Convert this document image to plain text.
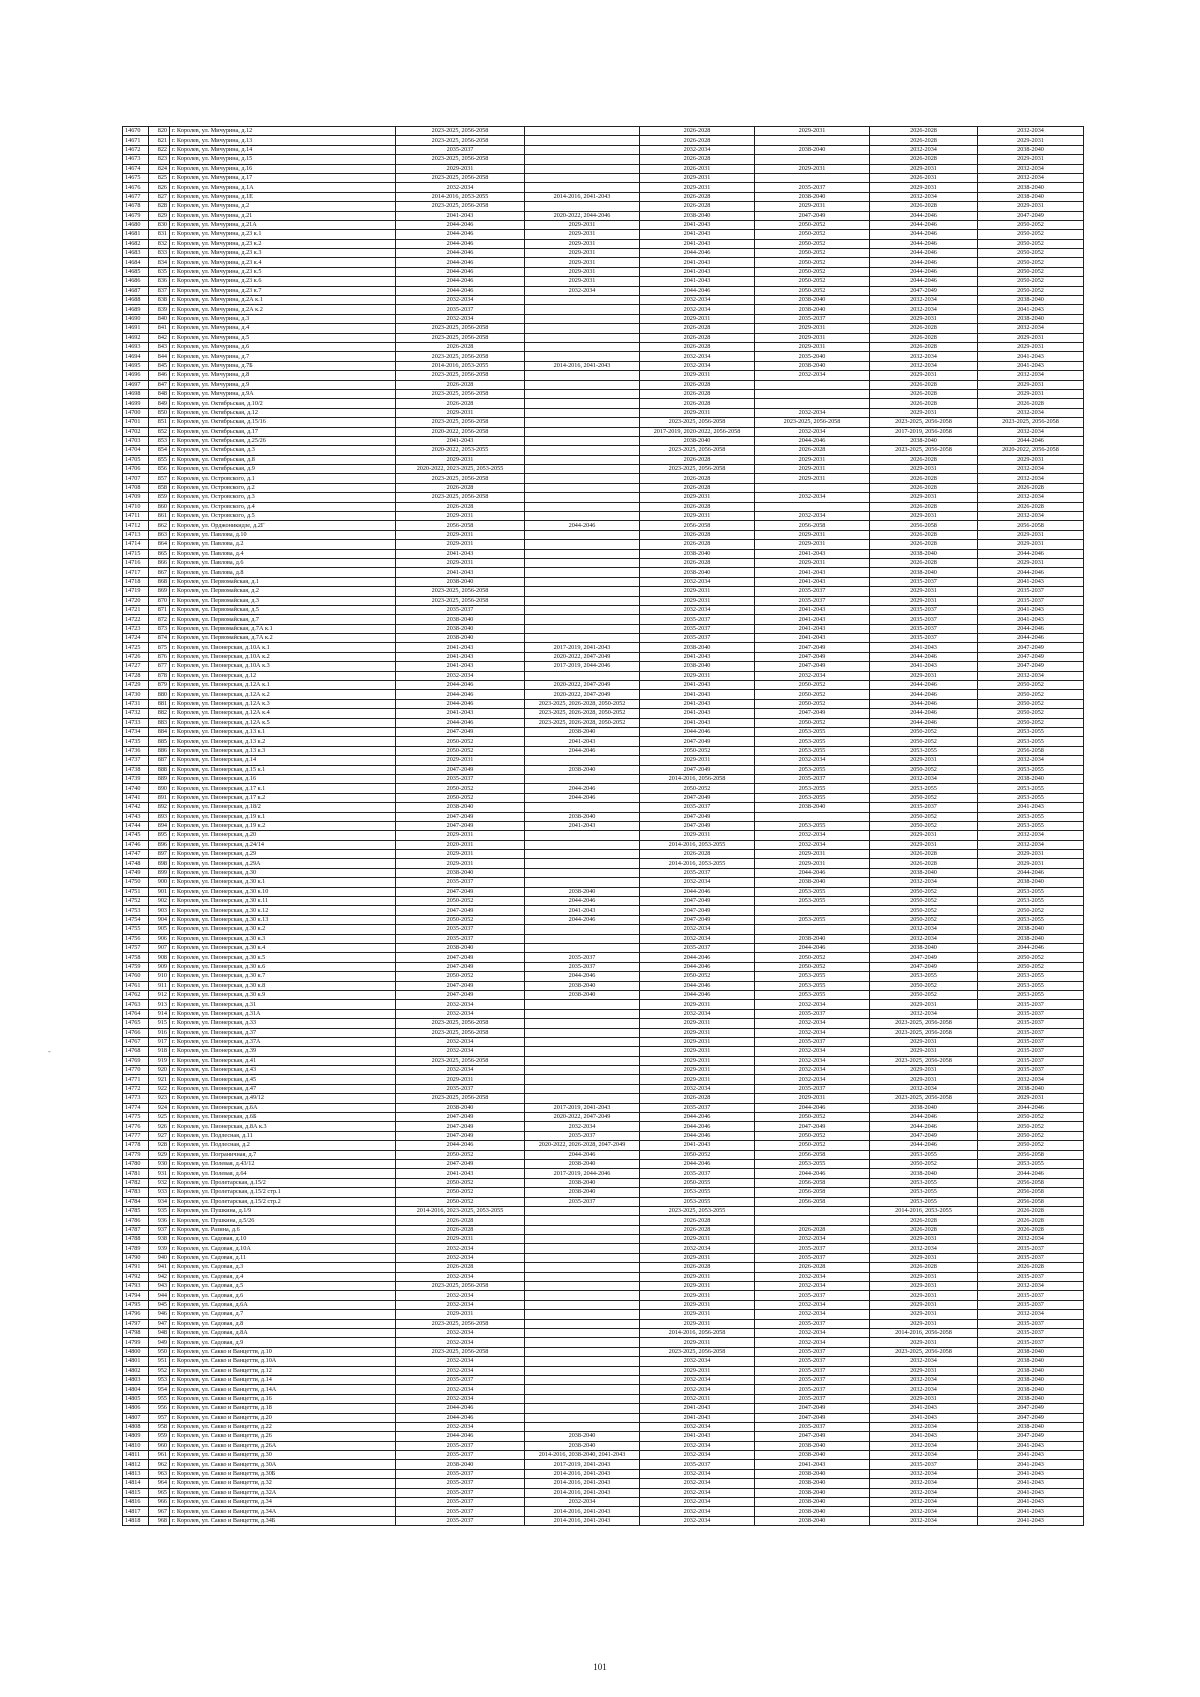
-
14670	820	г. Королев, ул. Мичурина, д.12	2023-2025, 2056-2058		2026-2028	2029-2031	2026-2028	2032-2034
14671	821	г. Королев, ул. Мичурина, д.13	2023-2025, 2056-2058		2026-2028		2026-2028	2029-2031
14672	822	г. Королев, ул. Мичурина, д.14	2035-2037		2032-2034	2038-2040	2032-2034	2038-2040
14673	823	г. Королев, ул. Мичурина, д.15	2023-2025, 2056-2058		2026-2028		2026-2028	2029-2031
14674	824	г. Королев, ул. Мичурина, д.16	2029-2031		2026-2031	2029-2031	2029-2031	2032-2034
14675	825	г. Королев, ул. Мичурина, д.17	2023-2025, 2056-2058		2029-2031		2026-2031	2032-2034
14676	826	г. Королев, ул. Мичурина, д.1А	2032-2034		2029-2031	2035-2037	2029-2031	2038-2040
14677	827	г. Королев, ул. Мичурина, д.1Е	2014-2016, 2053-2055	2014-2016, 2041-2043	2026-2028	2038-2040	2032-2034	2038-2040
14678	828	г. Королев, ул. Мичурина, д.2	2023-2025, 2056-2058		2026-2028	2029-2031	2026-2028	2029-2031
14679	829	г. Королев, ул. Мичурина, д.21	2041-2043	2020-2022, 2044-2046	2038-2040	2047-2049	2044-2046	2047-2049
14680	830	г. Королев, ул. Мичурина, д.21А	2044-2046	2029-2031	2041-2043	2050-2052	2044-2046	2050-2052
14681	831	г. Королев, ул. Мичурина, д.23 к.1	2044-2046	2029-2031	2041-2043	2050-2052	2044-2046	2050-2052
14682	832	г. Королев, ул. Мичурина, д.23 к.2	2044-2046	2029-2031	2041-2043	2050-2052	2044-2046	2050-2052
14683	833	г. Королев, ул. Мичурина, д.23 к.3	2044-2046	2029-2031	2044-2046	2050-2052	2044-2046	2050-2052
14684	834	г. Королев, ул. Мичурина, д.23 к.4	2044-2046	2029-2031	2041-2043	2050-2052	2044-2046	2050-2052
14685	835	г. Королев, ул. Мичурина, д.23 к.5	2044-2046	2029-2031	2041-2043	2050-2052	2044-2046	2050-2052
14686	836	г. Королев, ул. Мичурина, д.23 к.6	2044-2046	2029-2031	2041-2043	2050-2052	2044-2046	2050-2052
14687	837	г. Королев, ул. Мичурина, д.23 к.7	2044-2046	2032-2034	2044-2046	2050-2052	2047-2049	2050-2052
14688	838	г. Королев, ул. Мичурина, д.2А к.1	2032-2034		2032-2034	2038-2040	2032-2034	2038-2040
14689	839	г. Королев, ул. Мичурина, д.2А к.2	2035-2037		2032-2034	2038-2040	2032-2034	2041-2043
14690	840	г. Королев, ул. Мичурина, д.3	2032-2034		2029-2031	2035-2037	2029-2031	2038-2040
14691	841	г. Королев, ул. Мичурина, д.4	2023-2025, 2056-2058		2026-2028	2029-2031	2026-2028	2032-2034
14692	842	г. Королев, ул. Мичурина, д.5	2023-2025, 2056-2058		2026-2028	2029-2031	2026-2028	2029-2031
14693	843	г. Королев, ул. Мичурина, д.6	2026-2028		2026-2028	2029-2031	2026-2028	2029-2031
14694	844	г. Королев, ул. Мичурина, д.7	2023-2025, 2056-2058		2032-2034	2035-2040	2032-2034	2041-2043
14695	845	г. Королев, ул. Мичурина, д.7Б	2014-2016, 2053-2055	2014-2016, 2041-2043	2032-2034	2038-2040	2032-2034	2041-2043
14696	846	г. Королев, ул. Мичурина, д.8	2023-2025, 2056-2058		2029-2031	2032-2034	2029-2031	2032-2034
14697	847	г. Королев, ул. Мичурина, д.9	2026-2028		2026-2028		2026-2028	2029-2031
14698	848	г. Королев, ул. Мичурина, д.9А	2023-2025, 2056-2058		2026-2028		2026-2028	2029-2031
14699	849	г. Королев, ул. Октябрьская, д.10/2	2026-2028		2026-2028		2026-2028	2026-2028
14700	850	г. Королев, ул. Октябрьская, д.12	2029-2031		2029-2031	2032-2034	2029-2031	2032-2034
14701	851	г. Королев, ул. Октябрьская, д.15/16	2023-2025, 2056-2058		2023-2025, 2056-2058	2023-2025, 2056-2058	2023-2025, 2056-2058	2023-2025, 2056-2058
14702	852	г. Королев, ул. Октябрьская, д.17	2020-2022, 2056-2058		2017-2019, 2020-2022, 2056-2058	2032-2034	2017-2019, 2056-2058	2032-2034
14703	853	г. Королев, ул. Октябрьская, д.25/26	2041-2043		2038-2040	2044-2046	2038-2040	2044-2046
14704	854	г. Королев, ул. Октябрьская, д.3	2020-2022, 2053-2055		2023-2025, 2056-2058	2026-2028	2023-2025, 2056-2058	2020-2022, 2056-2058
14705	855	г. Королев, ул. Октябрьская, д.8	2029-2031		2026-2028	2029-2031	2026-2028	2029-2031
14706	856	г. Королев, ул. Октябрьская, д.9	2020-2022, 2023-2025, 2053-2055		2023-2025, 2056-2058	2029-2031	2029-2031	2032-2034
14707	857	г. Королев, ул. Островского, д.1	2023-2025, 2056-2058		2026-2028	2029-2031	2026-2028	2032-2034
14708	858	г. Королев, ул. Островского, д.2	2026-2028		2026-2028		2026-2028	2026-2028
14709	859	г. Королев, ул. Островского, д.3	2023-2025, 2056-2058		2029-2031	2032-2034	2029-2031	2032-2034
14710	860	г. Королев, ул. Островского, д.4	2026-2028		2026-2028		2026-2028	2026-2028
14711	861	г. Королев, ул. Островского, д.5	2029-2031		2029-2031	2032-2034	2029-2031	2032-2034
14712	862	г. Королев, ул. Орджоникидзе, д.2Г	2056-2058	2044-2046	2056-2058	2056-2058	2056-2058	2056-2058
14713	863	г. Королев, ул. Павлова, д.10	2029-2031		2026-2028	2029-2031	2026-2028	2029-2031
14714	864	г. Королев, ул. Павлова, д.2	2029-2031		2026-2028	2029-2031	2026-2028	2029-2031
14715	865	г. Королев, ул. Павлова, д.4	2041-2043		2038-2040	2041-2043	2038-2040	2044-2046
14716	866	г. Королев, ул. Павлова, д.6	2029-2031		2026-2028	2029-2031	2026-2028	2029-2031
14717	867	г. Королев, ул. Павлова, д.8	2041-2043		2038-2040	2041-2043	2038-2040	2044-2046
14718	868	г. Королев, ул. Первомайская, д.1	2038-2040		2032-2034	2041-2043	2035-2037	2041-2043
14719	869	г. Королев, ул. Первомайская, д.2	2023-2025, 2056-2058		2029-2031	2035-2037	2029-2031	2035-2037
14720	870	г. Королев, ул. Первомайская, д.3	2023-2025, 2056-2058		2029-2031	2035-2037	2029-2031	2035-2037
14721	871	г. Королев, ул. Первомайская, д.5	2035-2037		2032-2034	2041-2043	2035-2037	2041-2043
14722	872	г. Королев, ул. Первомайская, д.7	2038-2040		2035-2037	2041-2043	2035-2037	2041-2043
14723	873	г. Королев, ул. Первомайская, д.7А к.1	2038-2040		2035-2037	2041-2043	2035-2037	2044-2046
14724	874	г. Королев, ул. Первомайская, д.7А к.2	2038-2040		2035-2037	2041-2043	2035-2037	2044-2046
14725	875	г. Королев, ул. Пионерская, д.10А к.1	2041-2043	2017-2019, 2041-2043	2038-2040	2047-2049	2041-2043	2047-2049
14726	876	г. Королев, ул. Пионерская, д.10А к.2	2041-2043	2020-2022, 2047-2049	2041-2043	2047-2049	2044-2046	2047-2049
14727	877	г. Королев, ул. Пионерская, д.10А к.3	2041-2043	2017-2019, 2044-2046	2038-2040	2047-2049	2041-2043	2047-2049
14728	878	г. Королев, ул. Пионерская, д.12	2032-2034		2029-2031	2032-2034	2029-2031	2032-2034
14729	879	г. Королев, ул. Пионерская, д.12А к.1	2044-2046	2020-2022, 2047-2049	2041-2043	2050-2052	2044-2046	2050-2052
14730	880	г. Королев, ул. Пионерская, д.12А к.2	2044-2046	2020-2022, 2047-2049	2041-2043	2050-2052	2044-2046	2050-2052
14731	881	г. Королев, ул. Пионерская, д.12А к.3	2044-2046	2023-2025, 2026-2028, 2050-2052	2041-2043	2050-2052	2044-2046	2050-2052
14732	882	г. Королев, ул. Пионерская, д.12А к.4	2041-2043	2023-2025, 2026-2028, 2050-2052	2041-2043	2047-2049	2044-2046	2050-2052
14733	883	г. Королев, ул. Пионерская, д.12А к.5	2044-2046	2023-2025, 2026-2028, 2050-2052	2041-2043	2050-2052	2044-2046	2050-2052
14734	884	г. Королев, ул. Пионерская, д.13 к.1	2047-2049	2038-2040	2044-2046	2053-2055	2050-2052	2053-2055
14735	885	г. Королев, ул. Пионерская, д.13 к.2	2050-2052	2041-2043	2047-2049	2053-2055	2050-2052	2053-2055
14736	886	г. Королев, ул. Пионерская, д.13 к.3	2050-2052	2044-2046	2050-2052	2053-2055	2053-2055	2056-2058
14737	887	г. Королев, ул. Пионерская, д.14	2029-2031		2029-2031	2032-2034	2029-2031	2032-2034
14738	888	г. Королев, ул. Пионерская, д.15 к.1	2047-2049	2038-2040	2047-2049	2053-2055	2050-2052	2053-2055
14739	889	г. Королев, ул. Пионерская, д.16	2035-2037		2014-2016, 2056-2058	2035-2037	2032-2034	2038-2040
14740	890	г. Королев, ул. Пионерская, д.17 к.1	2050-2052	2044-2046	2050-2052	2053-2055	2053-2055	2053-2055
14741	891	г. Королев, ул. Пионерская, д.17 к.2	2050-2052	2044-2046	2047-2049	2053-2055	2050-2052	2053-2055
14742	892	г. Королев, ул. Пионерская, д.18/2	2038-2040		2035-2037	2038-2040	2035-2037	2041-2043
14743	893	г. Королев, ул. Пионерская, д.19 к.1	2047-2049	2038-2040	2047-2049		2050-2052	2053-2055
14744	894	г. Королев, ул. Пионерская, д.19 к.2	2047-2049	2041-2043	2047-2049	2053-2055	2050-2052	2053-2055
14745	895	г. Королев, ул. Пионерская, д.20	2029-2031		2029-2031	2032-2034	2029-2031	2032-2034
14746	896	г. Королев, ул. Пионерская, д.24/14	2020-2031		2014-2016, 2053-2055	2032-2034	2029-2031	2032-2034
14747	897	г. Королев, ул. Пионерская, д.29	2029-2031		2026-2028	2029-2031	2026-2028	2029-2031
14748	898	г. Королев, ул. Пионерская, д.29А	2029-2031		2014-2016, 2053-2055	2029-2031	2026-2028	2029-2031
14749	899	г. Королев, ул. Пионерская, д.30	2038-2040		2035-2037	2044-2046	2038-2040	2044-2046
14750	900	г. Королев, ул. Пионерская, д.30 к.1	2035-2037		2032-2034	2038-2040	2032-2034	2038-2040
14751	901	г. Королев, ул. Пионерская, д.30 к.10	2047-2049	2038-2040	2044-2046	2053-2055	2050-2052	2053-2055
14752	902	г. Королев, ул. Пионерская, д.30 к.11	2050-2052	2044-2046	2047-2049	2053-2055	2050-2052	2053-2055
14753	903	г. Королев, ул. Пионерская, д.30 к.12	2047-2049	2041-2043	2047-2049		2050-2052	2050-2052
14754	904	г. Королев, ул. Пионерская, д.30 к.13	2050-2052	2044-2046	2047-2049	2053-2055	2050-2052	2053-2055
14755	905	г. Королев, ул. Пионерская, д.30 к.2	2035-2037		2032-2034		2032-2034	2038-2040
14756	906	г. Королев, ул. Пионерская, д.30 к.3	2035-2037		2032-2034	2038-2040	2032-2034	2038-2040
14757	907	г. Королев, ул. Пионерская, д.30 к.4	2038-2040		2035-2037	2044-2046	2038-2040	2044-2046
14758	908	г. Королев, ул. Пионерская, д.30 к.5	2047-2049	2035-2037	2044-2046	2050-2052	2047-2049	2050-2052
14759	909	г. Королев, ул. Пионерская, д.30 к.6	2047-2049	2035-2037	2044-2046	2050-2052	2047-2049	2050-2052
14760	910	г. Королев, ул. Пионерская, д.30 к.7	2050-2052	2044-2046	2050-2052	2053-2055	2053-2055	2053-2055
14761	911	г. Королев, ул. Пионерская, д.30 к.8	2047-2049	2038-2040	2044-2046	2053-2055	2050-2052	2053-2055
14762	912	г. Королев, ул. Пионерская, д.30 к.9	2047-2049	2038-2040	2044-2046	2053-2055	2050-2052	2053-2055
14763	913	г. Королев, ул. Пионерская, д.31	2032-2034		2029-2031	2032-2034	2029-2031	2035-2037
14764	914	г. Королев, ул. Пионерская, д.31А	2032-2034		2032-2034	2035-2037	2032-2034	2035-2037
14765	915	г. Королев, ул. Пионерская, д.33	2023-2025, 2056-2058		2029-2031	2032-2034	2023-2025, 2056-2058	2035-2037
14766	916	г. Королев, ул. Пионерская, д.37	2023-2025, 2056-2058		2029-2031	2032-2034	2023-2025, 2056-2058	2035-2037
14767	917	г. Королев, ул. Пионерская, д.37А	2032-2034		2029-2031	2035-2037	2029-2031	2035-2037
14768	918	г. Королев, ул. Пионерская, д.39	2032-2034		2029-2031	2032-2034	2029-2031	2035-2037
14769	919	г. Королев, ул. Пионерская, д.41	2023-2025, 2056-2058		2029-2031	2032-2034	2023-2025, 2056-2058	2035-2037
14770	920	г. Королев, ул. Пионерская, д.43	2032-2034		2029-2031	2032-2034	2029-2031	2035-2037
14771	921	г. Королев, ул. Пионерская, д.45	2029-2031		2029-2031	2032-2034	2029-2031	2032-2034
14772	922	г. Королев, ул. Пионерская, д.47	2035-2037		2032-2034	2035-2037	2032-2034	2038-2040
14773	923	г. Королев, ул. Пионерская, д.49/12	2023-2025, 2056-2058		2026-2028	2029-2031	2023-2025, 2056-2058	2029-2031
14774	924	г. Королев, ул. Пионерская, д.6А	2038-2040	2017-2019, 2041-2043	2035-2037	2044-2046	2038-2040	2044-2046
14775	925	г. Королев, ул. Пионерская, д.6Б	2047-2049	2020-2022, 2047-2049	2044-2046	2050-2052	2044-2046	2050-2052
14776	926	г. Королев, ул. Пионерская, д.8А к.3	2047-2049	2032-2034	2044-2046	2047-2049	2044-2046	2050-2052
14777	927	г. Королев, ул. Подлесная, д.11	2047-2049	2035-2037	2044-2046	2050-2052	2047-2049	2050-2052
14778	928	г. Королев, ул. Подлесная, д.2	2044-2046	2020-2022, 2026-2028, 2047-2049	2041-2043	2050-2052	2044-2046	2050-2052
14779	929	г. Королев, ул. Пограничная, д.7	2050-2052	2044-2046	2050-2052	2056-2058	2053-2055	2056-2058
14780	930	г. Королев, ул. Полевая, д.43/12	2047-2049	2038-2040	2044-2046	2053-2055	2050-2052	2053-2055
14781	931	г. Королев, ул. Полевая, д.64	2041-2043	2017-2019, 2044-2046	2035-2037	2044-2046	2038-2040	2044-2046
14782	932	г. Королев, ул. Пролетарская, д.15/2	2050-2052	2038-2040	2050-2055	2056-2058	2053-2055	2056-2058
14783	933	г. Королев, ул. Пролетарская, д.15/2 стр.1	2050-2052	2038-2040	2053-2055	2056-2058	2053-2055	2056-2058
14784	934	г. Королев, ул. Пролетарская, д.15/2 стр.2	2050-2052	2035-2037	2053-2055	2056-2058	2053-2055	2056-2058
14785	935	г. Королев, ул. Пушкина, д.1/9	2014-2016, 2023-2025, 2053-2055		2023-2025, 2053-2055		2014-2016, 2053-2055	2026-2028
14786	936	г. Королев, ул. Пушкина, д.5/26	2026-2028		2026-2028		2026-2028	2026-2028
14787	937	г. Королев, ул. Разина, д.6	2026-2028		2026-2028	2026-2028	2026-2028	2026-2028
14788	938	г. Королев, ул. Садовая, д.10	2029-2031		2029-2031	2032-2034	2029-2031	2032-2034
14789	939	г. Королев, ул. Садовая, д.10А	2032-2034		2032-2034	2035-2037	2032-2034	2035-2037
14790	940	г. Королев, ул. Садовая, д.11	2032-2034		2029-2031	2035-2037	2029-2031	2035-2037
14791	941	г. Королев, ул. Садовая, д.3	2026-2028		2026-2028	2026-2028	2026-2028	2026-2028
14792	942	г. Королев, ул. Садовая, д.4	2032-2034		2029-2031	2032-2034	2029-2031	2035-2037
14793	943	г. Королев, ул. Садовая, д.5	2023-2025, 2056-2058		2029-2031	2032-2034	2029-2031	2032-2034
14794	944	г. Королев, ул. Садовая, д.6	2032-2034		2029-2031	2035-2037	2029-2031	2035-2037
14795	945	г. Королев, ул. Садовая, д.6А	2032-2034		2029-2031	2032-2034	2029-2031	2035-2037
14796	946	г. Королев, ул. Садовая, д.7	2029-2031		2029-2031	2032-2034	2029-2031	2032-2034
14797	947	г. Королев, ул. Садовая, д.8	2023-2025, 2056-2058		2029-2031	2035-2037	2029-2031	2035-2037
14798	948	г. Королев, ул. Садовая, д.8А	2032-2034		2014-2016, 2056-2058	2032-2034	2014-2016, 2056-2058	2035-2037
14799	949	г. Королев, ул. Садовая, д.9	2032-2034		2029-2031	2032-2034	2029-2031	2035-2037
14800	950	г. Королев, ул. Сакко и Ванцетти, д.10	2023-2025, 2056-2058		2023-2025, 2056-2058	2035-2037	2023-2025, 2056-2058	2038-2040
14801	951	г. Королев, ул. Сакко и Ванцетти, д.10А	2032-2034		2032-2034	2035-2037	2032-2034	2038-2040
14802	952	г. Королев, ул. Сакко и Ванцетти, д.12	2032-2034		2029-2031	2035-2037	2029-2031	2038-2040
14803	953	г. Королев, ул. Сакко и Ванцетти, д.14	2035-2037		2032-2034	2035-2037	2032-2034	2038-2040
14804	954	г. Королев, ул. Сакко и Ванцетти, д.14А	2032-2034		2032-2034	2035-2037	2032-2034	2038-2040
14805	955	г. Королев, ул. Сакко и Ванцетти, д.16	2032-2034		2032-2031	2035-2037	2029-2031	2038-2040
14806	956	г. Королев, ул. Сакко и Ванцетти, д.18	2044-2046		2041-2043	2047-2049	2041-2043	2047-2049
14807	957	г. Королев, ул. Сакко и Ванцетти, д.20	2044-2046		2041-2043	2047-2049	2041-2043	2047-2049
14808	958	г. Королев, ул. Сакко и Ванцетти, д.22	2032-2034		2032-2034	2035-2037	2032-2034	2038-2040
14809	959	г. Королев, ул. Сакко и Ванцетти, д.26	2044-2046	2038-2040	2041-2043	2047-2049	2041-2043	2047-2049
14810	960	г. Королев, ул. Сакко и Ванцетти, д.26А	2035-2037	2038-2040	2032-2034	2038-2040	2032-2034	2041-2043
14811	961	г. Королев, ул. Сакко и Ванцетти, д.30	2035-2037	2014-2016, 2038-2040, 2041-2043	2032-2034	2038-2040	2032-2034	2041-2043
14812	962	г. Королев, ул. Сакко и Ванцетти, д.30А	2038-2040	2017-2019, 2041-2043	2035-2037	2041-2043	2035-2037	2041-2043
14813	963	г. Королев, ул. Сакко и Ванцетти, д.30Б	2035-2037	2014-2016, 2041-2043	2032-2034	2038-2040	2032-2034	2041-2043
14814	964	г. Королев, ул. Сакко и Ванцетти, д.32	2035-2037	2014-2016, 2041-2043	2032-2034	2038-2040	2032-2034	2041-2043
14815	965	г. Королев, ул. Сакко и Ванцетти, д.32А	2035-2037	2014-2016, 2041-2043	2032-2034	2038-2040	2032-2034	2041-2043
14816	966	г. Королев, ул. Сакко и Ванцетти, д.34	2035-2037	2032-2034	2032-2034	2038-2040	2032-2034	2041-2043
14817	967	г. Королев, ул. Сакко и Ванцетти, д.34А	2035-2037	2014-2016, 2041-2043	2032-2034	2038-2040	2032-2034	2041-2043
14818	968	г. Королев, ул. Сакко и Ванцетти, д.34Б	2035-2037	2014-2016, 2041-2043	2032-2034	2038-2040	2032-2034	2041-2043
101
